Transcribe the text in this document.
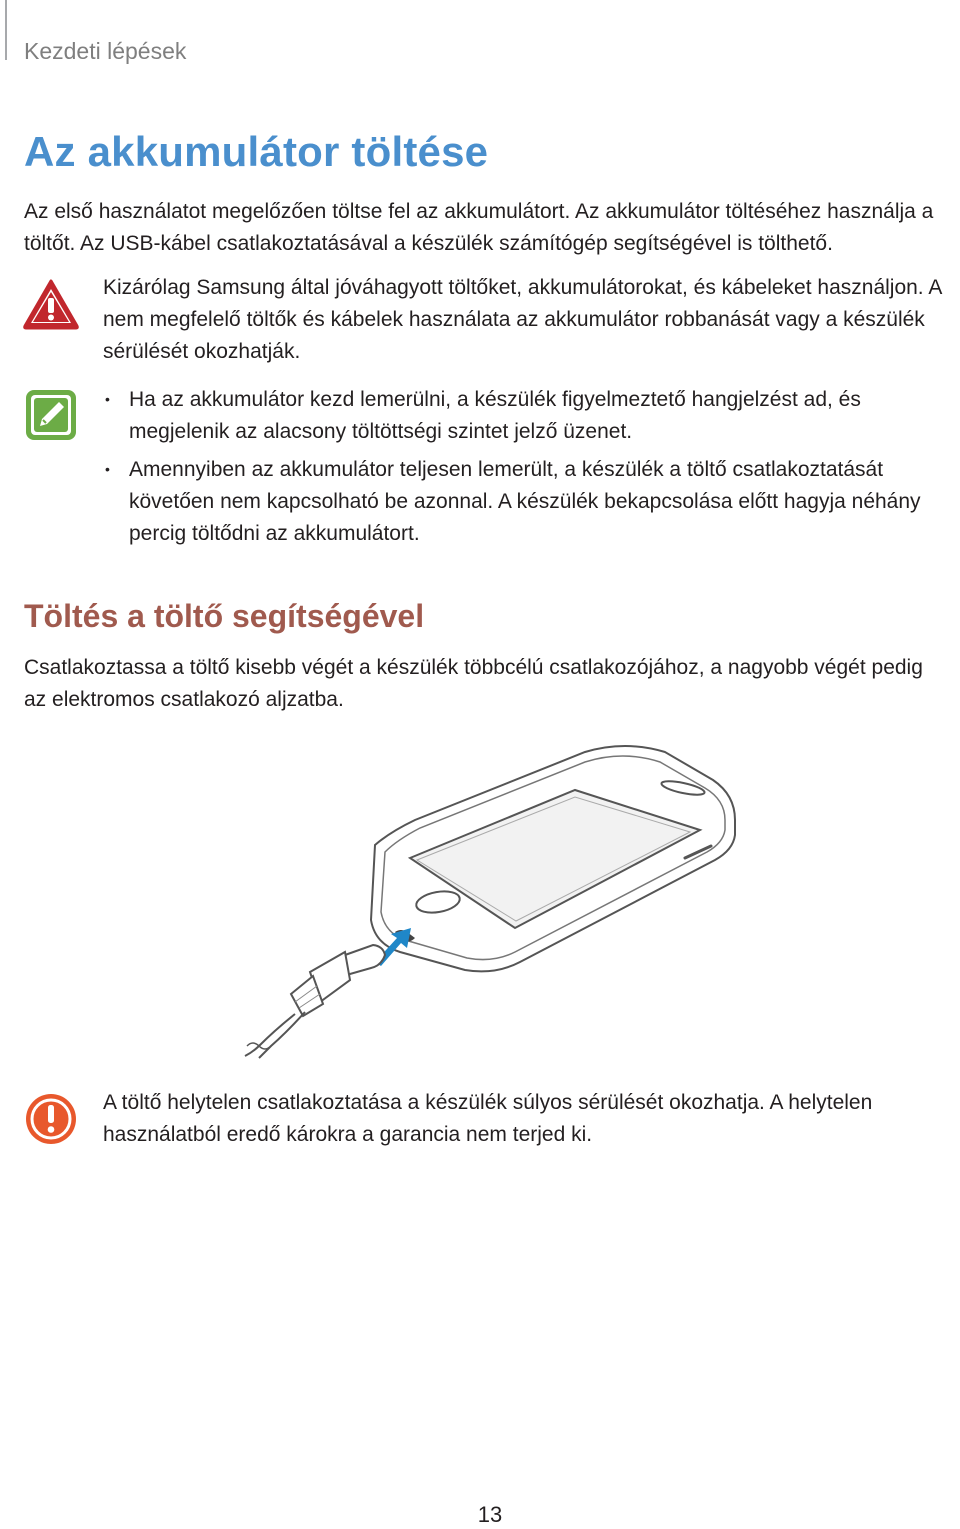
Kezdeti lépések
Az akkumulátor töltése

Az első használatot megelőzően töltse fel az akkumulátort. Az akkumulátor töltéséhez használja a töltőt. Az USB-kábel csatlakoztatásával a készülék számítógép segítségével is tölthető.

Kizárólag Samsung által jóváhagyott töltőket, akkumulátorokat, és kábeleket használjon. A nem megfelelő töltők és kábelek használata az akkumulátor robbanását vagy a készülék sérülését okozhatják.

• Ha az akkumulátor kezd lemerülni, a készülék figyelmeztető hangjelzést ad, és megjelenik az alacsony töltöttségi szintet jelző üzenet.
• Amennyiben az akkumulátor teljesen lemerült, a készülék a töltő csatlakoztatását követően nem kapcsolható be azonnal. A készülék bekapcsolása előtt hagyja néhány percig töltődni az akkumulátort.
Töltés a töltő segítségével

Csatlakoztassa a töltő kisebb végét a készülék többcélú csatlakozójához, a nagyobb végét pedig az elektromos csatlakozó aljzatba.

A töltő helytelen csatlakoztatása a készülék súlyos sérülését okozhatja. A helytelen használatból eredő károkra a garancia nem terjed ki.

13
